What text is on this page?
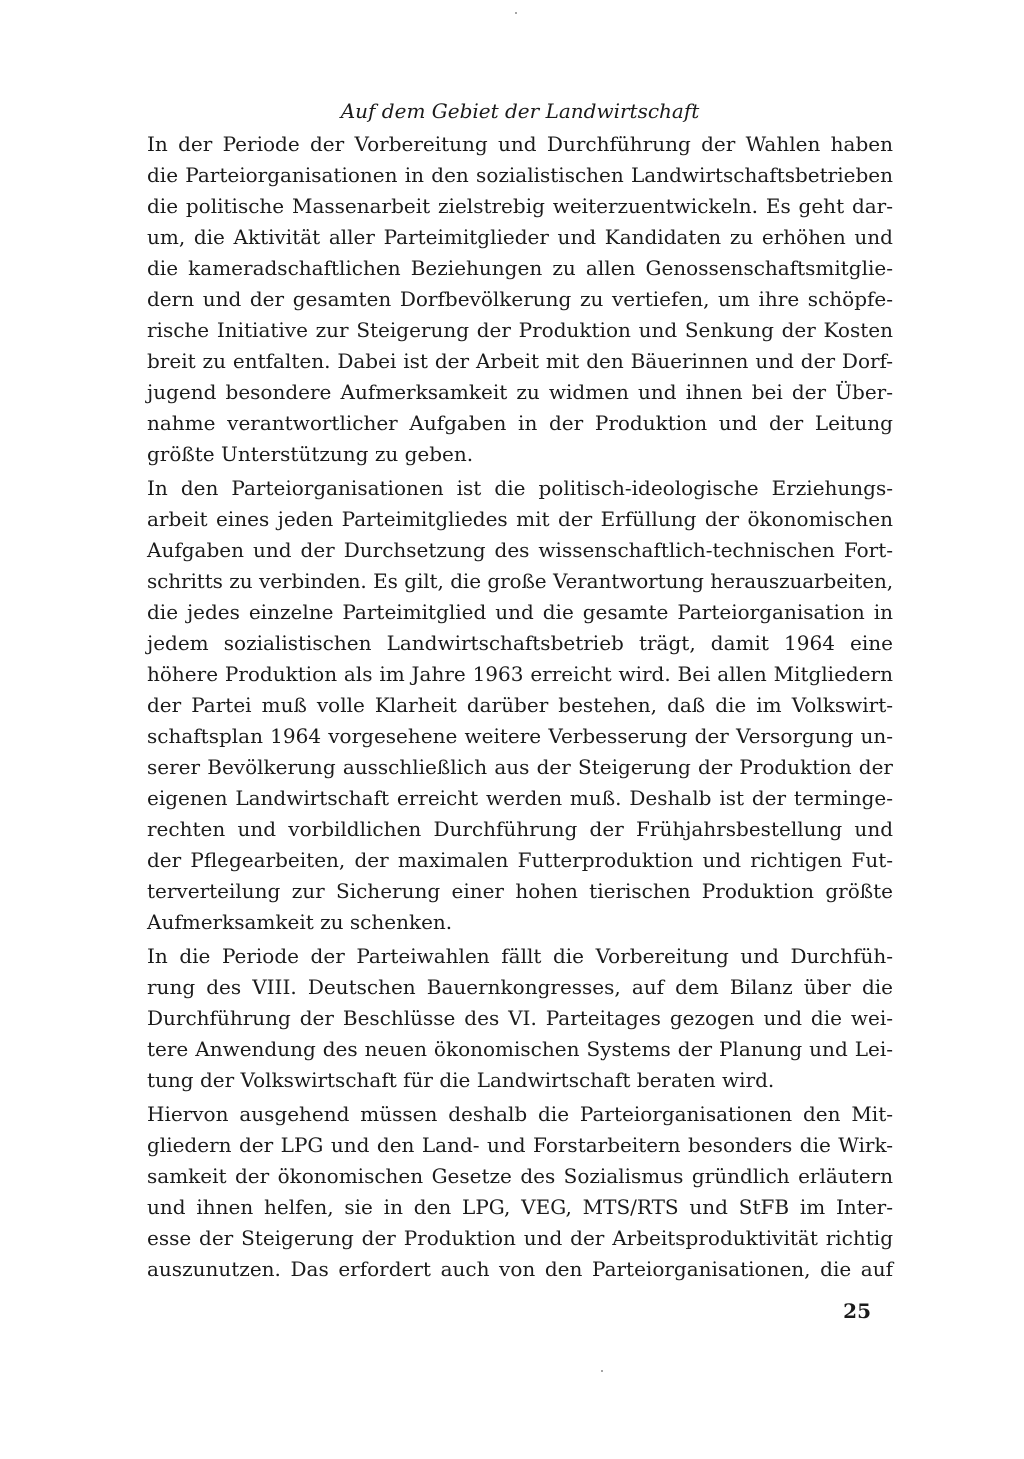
Auf dem Gebiet der Landwirtschaft
In der Periode der Vorbereitung und Durchführung der Wahlen haben
die Parteiorganisationen in den sozialistischen Landwirtschaftsbetrieben
die politische Massenarbeit zielstrebig weiterzuentwickeln. Es geht dar-
um, die Aktivität aller Parteimitglieder und Kandidaten zu erhöhen und
die kameradschaftlichen Beziehungen zu allen Genossenschaftsmitglie-
dern und der gesamten Dorfbevölkerung zu vertiefen, um ihre schöpfe-
rische Initiative zur Steigerung der Produktion und Senkung der Kosten
breit zu entfalten. Dabei ist der Arbeit mit den Bäuerinnen und der Dorf-
jugend besondere Aufmerksamkeit zu widmen und ihnen bei der Über-
nahme verantwortlicher Aufgaben in der Produktion und der Leitung
größte Unterstützung zu geben.
In den Parteiorganisationen ist die politisch-ideologische Erziehungs-
arbeit eines jeden Parteimitgliedes mit der Erfüllung der ökonomischen
Aufgaben und der Durchsetzung des wissenschaftlich-technischen Fort-
schritts zu verbinden. Es gilt, die große Verantwortung herauszuarbeiten,
die jedes einzelne Parteimitglied und die gesamte Parteiorganisation in
jedem sozialistischen Landwirtschaftsbetrieb trägt, damit 1964 eine
höhere Produktion als im Jahre 1963 erreicht wird. Bei allen Mitgliedern
der Partei muß volle Klarheit darüber bestehen, daß die im Volkswirt-
schaftsplan 1964 vorgesehene weitere Verbesserung der Versorgung un-
serer Bevölkerung ausschließlich aus der Steigerung der Produktion der
eigenen Landwirtschaft erreicht werden muß. Deshalb ist der terminge-
rechten und vorbildlichen Durchführung der Frühjahrsbestellung und
der Pflegearbeiten, der maximalen Futterproduktion und richtigen Fut-
terverteilung zur Sicherung einer hohen tierischen Produktion größte
Aufmerksamkeit zu schenken.
In die Periode der Parteiwahlen fällt die Vorbereitung und Durchfüh-
rung des VIII. Deutschen Bauernkongresses, auf dem Bilanz über die
Durchführung der Beschlüsse des VI. Parteitages gezogen und die wei-
tere Anwendung des neuen ökonomischen Systems der Planung und Lei-
tung der Volkswirtschaft für die Landwirtschaft beraten wird.
Hiervon ausgehend müssen deshalb die Parteiorganisationen den Mit-
gliedern der LPG und den Land- und Forstarbeitern besonders die Wirk-
samkeit der ökonomischen Gesetze des Sozialismus gründlich erläutern
und ihnen helfen, sie in den LPG, VEG, MTS/RTS und StFB im Inter-
esse der Steigerung der Produktion und der Arbeitsproduktivität richtig
auszunutzen. Das erfordert auch von den Parteiorganisationen, die auf

25
